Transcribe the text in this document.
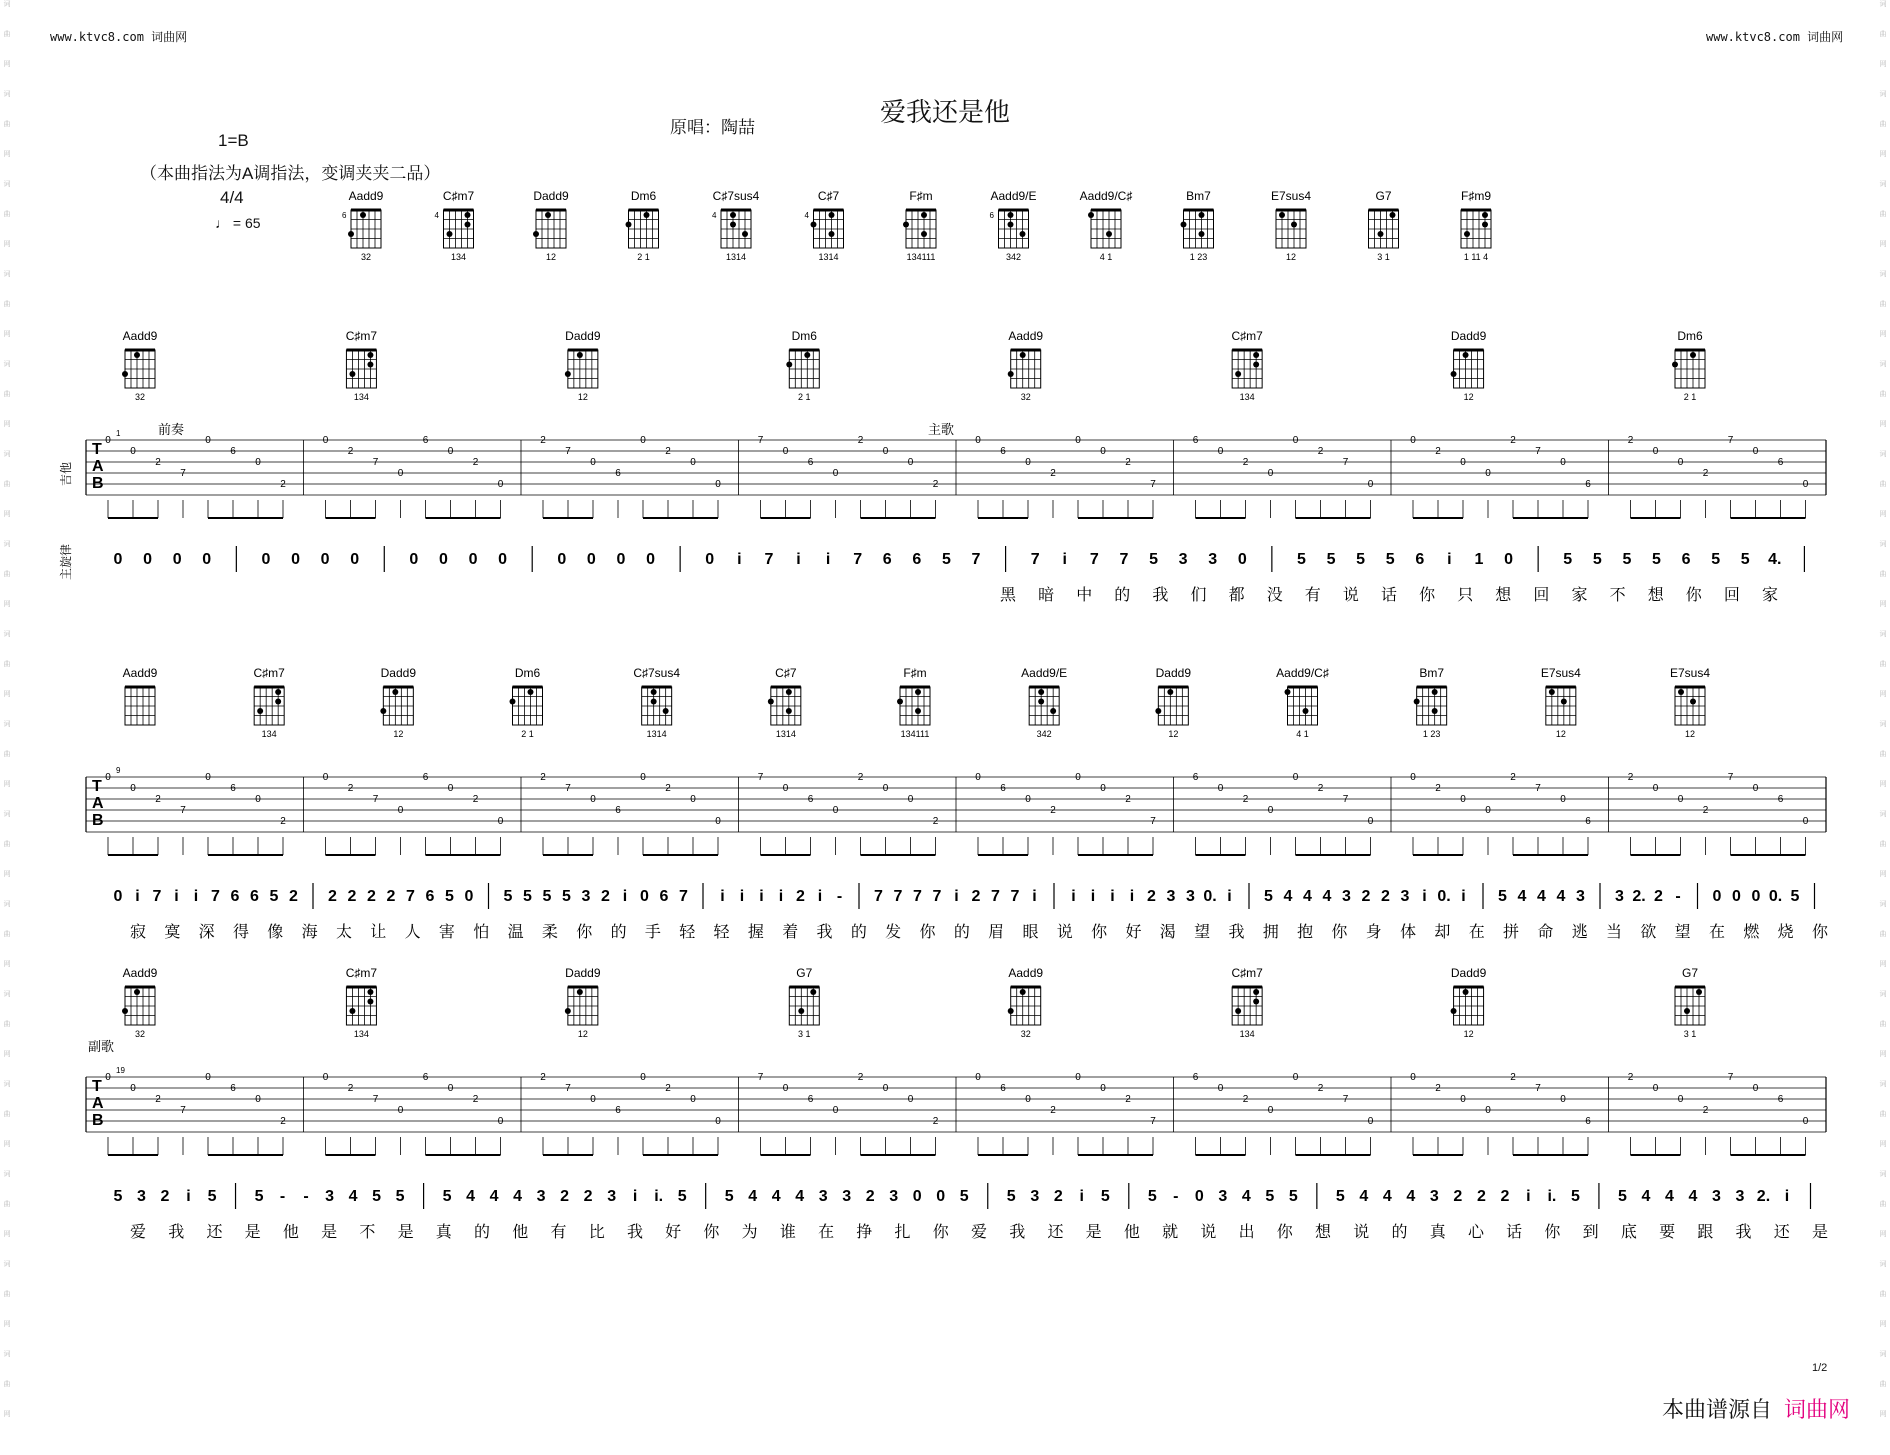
www.ktvc8.com 词曲网	www.ktvc8.com 词曲网
词
曲
网
词
曲
网
词
曲
网
词
曲
网
词
曲
网
词
曲
网
词
曲
网
词
曲
网
词
曲
网
词
曲
网
词
曲
网
词
曲
网
词
曲
网
词
曲
网
词
曲
网
词
曲
网
词
曲
网
词
曲
网
词
曲
网
词
曲
网
词
曲
网
词
曲
网
词
曲
网
词
曲
网
词
曲
网
词
曲
网
词
曲
网
词
曲
网
词
曲
网
词
曲
网
词
曲
网
词
曲
网
爱我还是他
原唱：陶喆
1=B
（本曲指法为A调指法，变调夹夹二品）
4/4
♩ = 65
Aadd9
6
32
C♯m7
4
134
Dadd9
12
Dm6
2 1
C♯7sus4
4
1314
C♯7
4
1314
F♯m
134111
Aadd9/E
6
342
Aadd9/C♯
4 1
Bm7
1 23
E7sus4
12
G7
3 1
F♯m9
1 11 4
Aadd9
32
C♯m7
134
Dadd9
12
Dm6
2 1
Aadd9
32
C♯m7
134
Dadd9
12
Dm6
2 1
前奏	主歌
T
A
B
1
0
0
2
7
0
6
0
2
0
2
7
0
6
0
2
0
2
7
0
6
0
2
0
0
7
0
6
0
2
0
0
2
0
6
0
2
0
0
2
7
6
0
2
0
0
2
7
0
0
2
0
0
2
7
0
6
2
0
0
2
7
0
6
0
吉他
主旋律	0 0 0 0	0 0 0 0	0 0 0 0	0 0 0 0	0 i 7 i i 7 6 6 5 7	7 i 7 7 5 3 3 0	5 5 5 5 6 i 1 0	5 5 5 5 6 5 5 4.
黑 暗 中 的 我 们 都 没 有 说 话 你 只 想 回 家 不 想 你 回 家
Aadd9	C♯m7
134
Dadd9
12
Dm6
2 1
C♯7sus4
1314
C♯7
1314
F♯m
134111
Aadd9/E
342
Dadd9
12
Aadd9/C♯
4 1
Bm7
1 23
E7sus4
12
E7sus4
12
T
A
B
9
0
0
2
7
0
6
0
2
0
2
7
0
6
0
2
0
2
7
0
6
0
2
0
0
7
0
6
0
2
0
0
2
0
6
0
2
0
0
2
7
6
0
2
0
0
2
7
0
0
2
0
0
2
7
0
6
2
0
0
2
7
0
6
0
0 i 7 i i 7 6 6 5 2 2 2 2 2 7 6 5 0 5 5 5 5 3 2 i 0 6 7 i i i i 2 i - 7 7 7 7 i 2 7 7 i i i i i 2 3 3 0. i 5 4 4 4 3 2 2 3 i 0. i 5 4 4 4 3 3 2. 2 - 0 0 0 0. 5
寂 寞 深 得 像 海 太 让 人 害 怕 温 柔 你 的 手 轻 轻 握 着 我 的 发 你 的 眉 眼 说 你 好 渴 望 我 拥 抱 你 身 体 却 在 拼 命 逃 当 欲 望 在 燃 烧 你
Aadd9
32
C♯m7
134
Dadd9
12
G7
3 1
Aadd9
32
C♯m7
134
Dadd9
12
G7
3 1
副歌
T
A
B
19
0
0
2
7
0
6
0
2
0
2
7
0
6
0
2
0
2
7
0
6
0
2
0
0
7
0
6
0
2
0
0
2
0
6
0
2
0
0
2
7
6
0
2
0
0
2
7
0
0
2
0
0
2
7
0
6
2
0
0
2
7
0
6
0
5 3 2 i 5 5 - - 3 4 5 5 5 4 4 4 3 2 2 3 i i. 5 5 4 4 4 3 3 2 3 0 0 5 5 3 2 i 5 5 - 0 3 4 5 5 5 4 4 4 3 2 2 2 i i. 5 5 4 4 4 3 3 2. i
爱 我 还 是 他 是 不 是 真 的 他 有 比 我 好 你 为 谁 在 挣 扎 你 爱 我 还 是 他 就 说 出 你 想 说 的 真 心 话 你 到 底 要 跟 我 还 是
1/2
本曲谱源自 词曲网
